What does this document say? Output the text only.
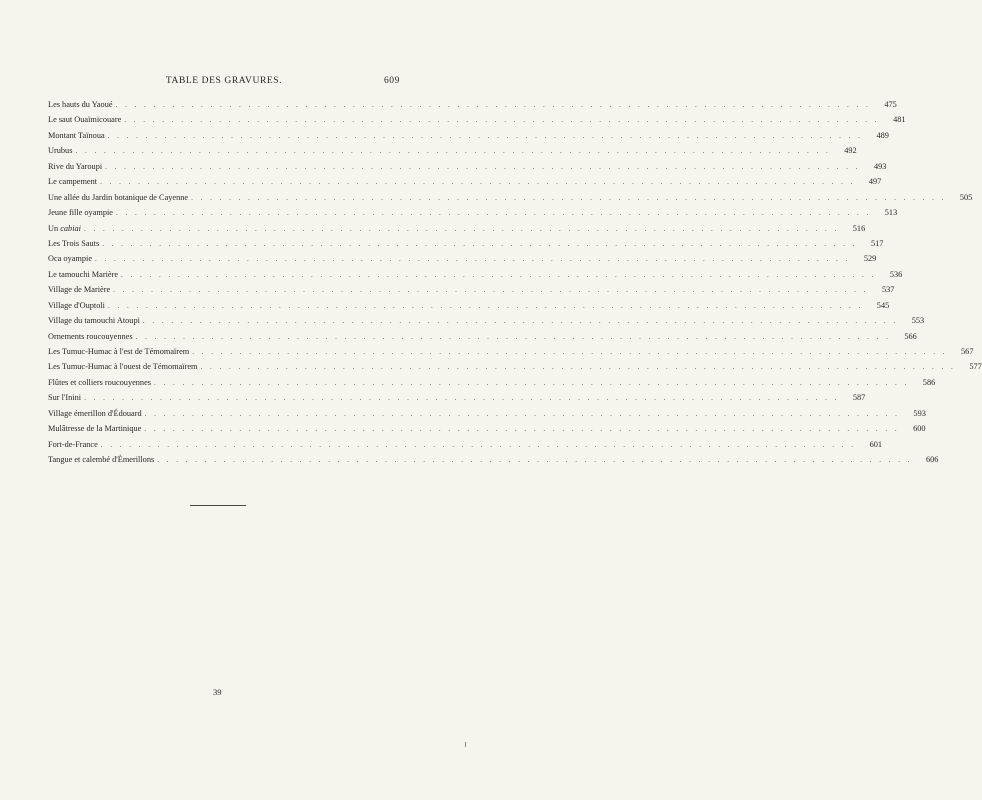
TABLE DES GRAVURES.	609
Les hauts du Yaoué . . . . . . . . . . . . . . . . . . . . . . . . . . . . . . . . . . . . . . . . . . . . . . . . . . . . . . . . . . . . . . . . . . . . . . . . . . . . . . . .	475
Le saut Ouaïmicouare . . . . . . . . . . . . . . . . . . . . . . . . . . . . . . . . . . . . . . . . . . . . . . . . . . . . . . . . . . . . . . . . . . . . . . . . . . . . . . . .	481
Montant Taïnoua . . . . . . . . . . . . . . . . . . . . . . . . . . . . . . . . . . . . . . . . . . . . . . . . . . . . . . . . . . . . . . . . . . . . . . . . . . . . . . . .	489
Urubus . . . . . . . . . . . . . . . . . . . . . . . . . . . . . . . . . . . . . . . . . . . . . . . . . . . . . . . . . . . . . . . . . . . . . . . . . . . . . . . .	492
Rive du Yaroupi . . . . . . . . . . . . . . . . . . . . . . . . . . . . . . . . . . . . . . . . . . . . . . . . . . . . . . . . . . . . . . . . . . . . . . . . . . . . . . . .	493
Le campement . . . . . . . . . . . . . . . . . . . . . . . . . . . . . . . . . . . . . . . . . . . . . . . . . . . . . . . . . . . . . . . . . . . . . . . . . . . . . . . .	497
Une allée du Jardin botanique de Cayenne . . . . . . . . . . . . . . . . . . . . . . . . . . . . . . . . . . . . . . . . . . . . . . . . . . . . . . . . . . . . . . . . . . . . . . . . . . . . . . . .	505
Jeune fille oyampie . . . . . . . . . . . . . . . . . . . . . . . . . . . . . . . . . . . . . . . . . . . . . . . . . . . . . . . . . . . . . . . . . . . . . . . . . . . . . . . .	513
Un cabiai . . . . . . . . . . . . . . . . . . . . . . . . . . . . . . . . . . . . . . . . . . . . . . . . . . . . . . . . . . . . . . . . . . . . . . . . . . . . . . . .	516
Les Trois Sauts . . . . . . . . . . . . . . . . . . . . . . . . . . . . . . . . . . . . . . . . . . . . . . . . . . . . . . . . . . . . . . . . . . . . . . . . . . . . . . . .	517
Oca oyampie . . . . . . . . . . . . . . . . . . . . . . . . . . . . . . . . . . . . . . . . . . . . . . . . . . . . . . . . . . . . . . . . . . . . . . . . . . . . . . . .	529
Le tamouchi Marière . . . . . . . . . . . . . . . . . . . . . . . . . . . . . . . . . . . . . . . . . . . . . . . . . . . . . . . . . . . . . . . . . . . . . . . . . . . . . . . .	536
Village de Marière . . . . . . . . . . . . . . . . . . . . . . . . . . . . . . . . . . . . . . . . . . . . . . . . . . . . . . . . . . . . . . . . . . . . . . . . . . . . . . . .	537
Village d'Ouptoli . . . . . . . . . . . . . . . . . . . . . . . . . . . . . . . . . . . . . . . . . . . . . . . . . . . . . . . . . . . . . . . . . . . . . . . . . . . . . . . .	545
Village du tamouchi Atoupi . . . . . . . . . . . . . . . . . . . . . . . . . . . . . . . . . . . . . . . . . . . . . . . . . . . . . . . . . . . . . . . . . . . . . . . . . . . . . . . .	553
Ornements roucouyennes . . . . . . . . . . . . . . . . . . . . . . . . . . . . . . . . . . . . . . . . . . . . . . . . . . . . . . . . . . . . . . . . . . . . . . . . . . . . . . . .	566
Les Tumuc-Humac à l'est de Témomaïrem . . . . . . . . . . . . . . . . . . . . . . . . . . . . . . . . . . . . . . . . . . . . . . . . . . . . . . . . . . . . . . . . . . . . . . . . . . . . . . . .	567
Les Tumuc-Humac à l'ouest de Témomaïrem . . . . . . . . . . . . . . . . . . . . . . . . . . . . . . . . . . . . . . . . . . . . . . . . . . . . . . . . . . . . . . . . . . . . . . . . . . . . . . . .	577
Flûtes et colliers roucouyennes . . . . . . . . . . . . . . . . . . . . . . . . . . . . . . . . . . . . . . . . . . . . . . . . . . . . . . . . . . . . . . . . . . . . . . . . . . . . . . . .	586
Sur l'Inini . . . . . . . . . . . . . . . . . . . . . . . . . . . . . . . . . . . . . . . . . . . . . . . . . . . . . . . . . . . . . . . . . . . . . . . . . . . . . . . .	587
Village émerillon d'Édouard . . . . . . . . . . . . . . . . . . . . . . . . . . . . . . . . . . . . . . . . . . . . . . . . . . . . . . . . . . . . . . . . . . . . . . . . . . . . . . . .	593
Mulâtresse de la Martinique . . . . . . . . . . . . . . . . . . . . . . . . . . . . . . . . . . . . . . . . . . . . . . . . . . . . . . . . . . . . . . . . . . . . . . . . . . . . . . . .	600
Fort-de-France . . . . . . . . . . . . . . . . . . . . . . . . . . . . . . . . . . . . . . . . . . . . . . . . . . . . . . . . . . . . . . . . . . . . . . . . . . . . . . . .	601
Tangue et calembé d'Émerillons . . . . . . . . . . . . . . . . . . . . . . . . . . . . . . . . . . . . . . . . . . . . . . . . . . . . . . . . . . . . . . . . . . . . . . . . . . . . . . . .	606
39
